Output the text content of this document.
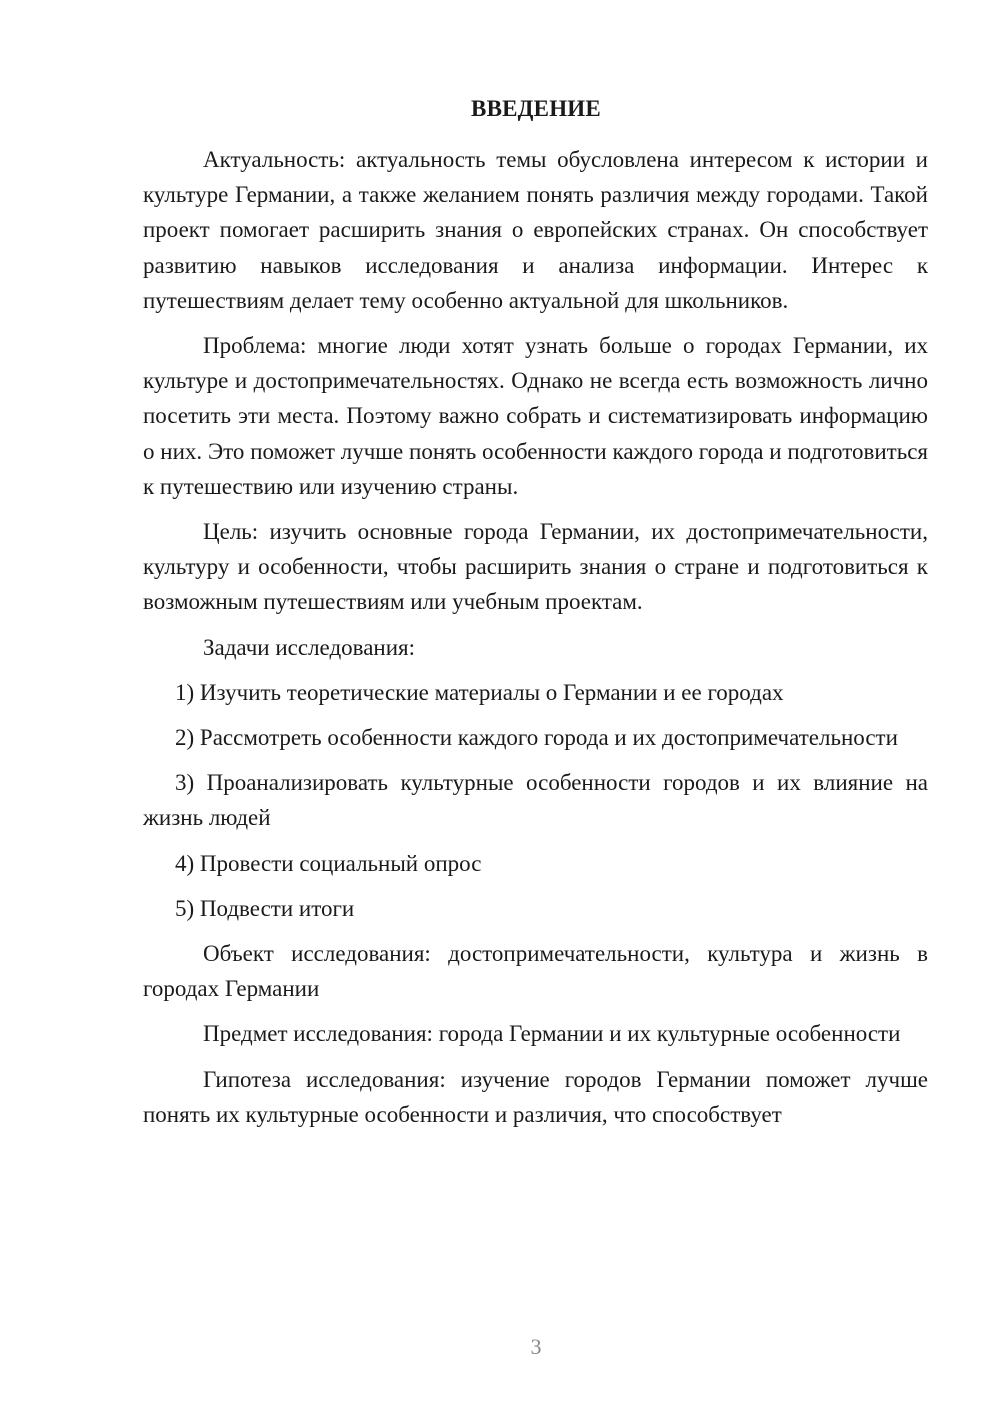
ВВЕДЕНИЕ

Актуальность: актуальность темы обусловлена интересом к истории и культуре Германии, а также желанием понять различия между городами. Такой проект помогает расширить знания о европейских странах. Он способствует развитию навыков исследования и анализа информации. Интерес к путешествиям делает тему особенно актуальной для школьников.

Проблема: многие люди хотят узнать больше о городах Германии, их культуре и достопримечательностях. Однако не всегда есть возможность лично посетить эти места. Поэтому важно собрать и систематизировать информацию о них. Это поможет лучше понять особенности каждого города и подготовиться к путешествию или изучению страны.

Цель: изучить основные города Германии, их достопримечательности, культуру и особенности, чтобы расширить знания о стране и подготовиться к возможным путешествиям или учебным проектам.

Задачи исследования:

1) Изучить теоретические материалы о Германии и ее городах

2) Рассмотреть особенности каждого города и их достопримечательности

3) Проанализировать культурные особенности городов и их влияние на жизнь людей

4) Провести социальный опрос

5) Подвести итоги

Объект исследования: достопримечательности, культура и жизнь в городах Германии

Предмет исследования: города Германии и их культурные особенности

Гипотеза исследования: изучение городов Германии поможет лучше понять их культурные особенности и различия, что способствует

3
